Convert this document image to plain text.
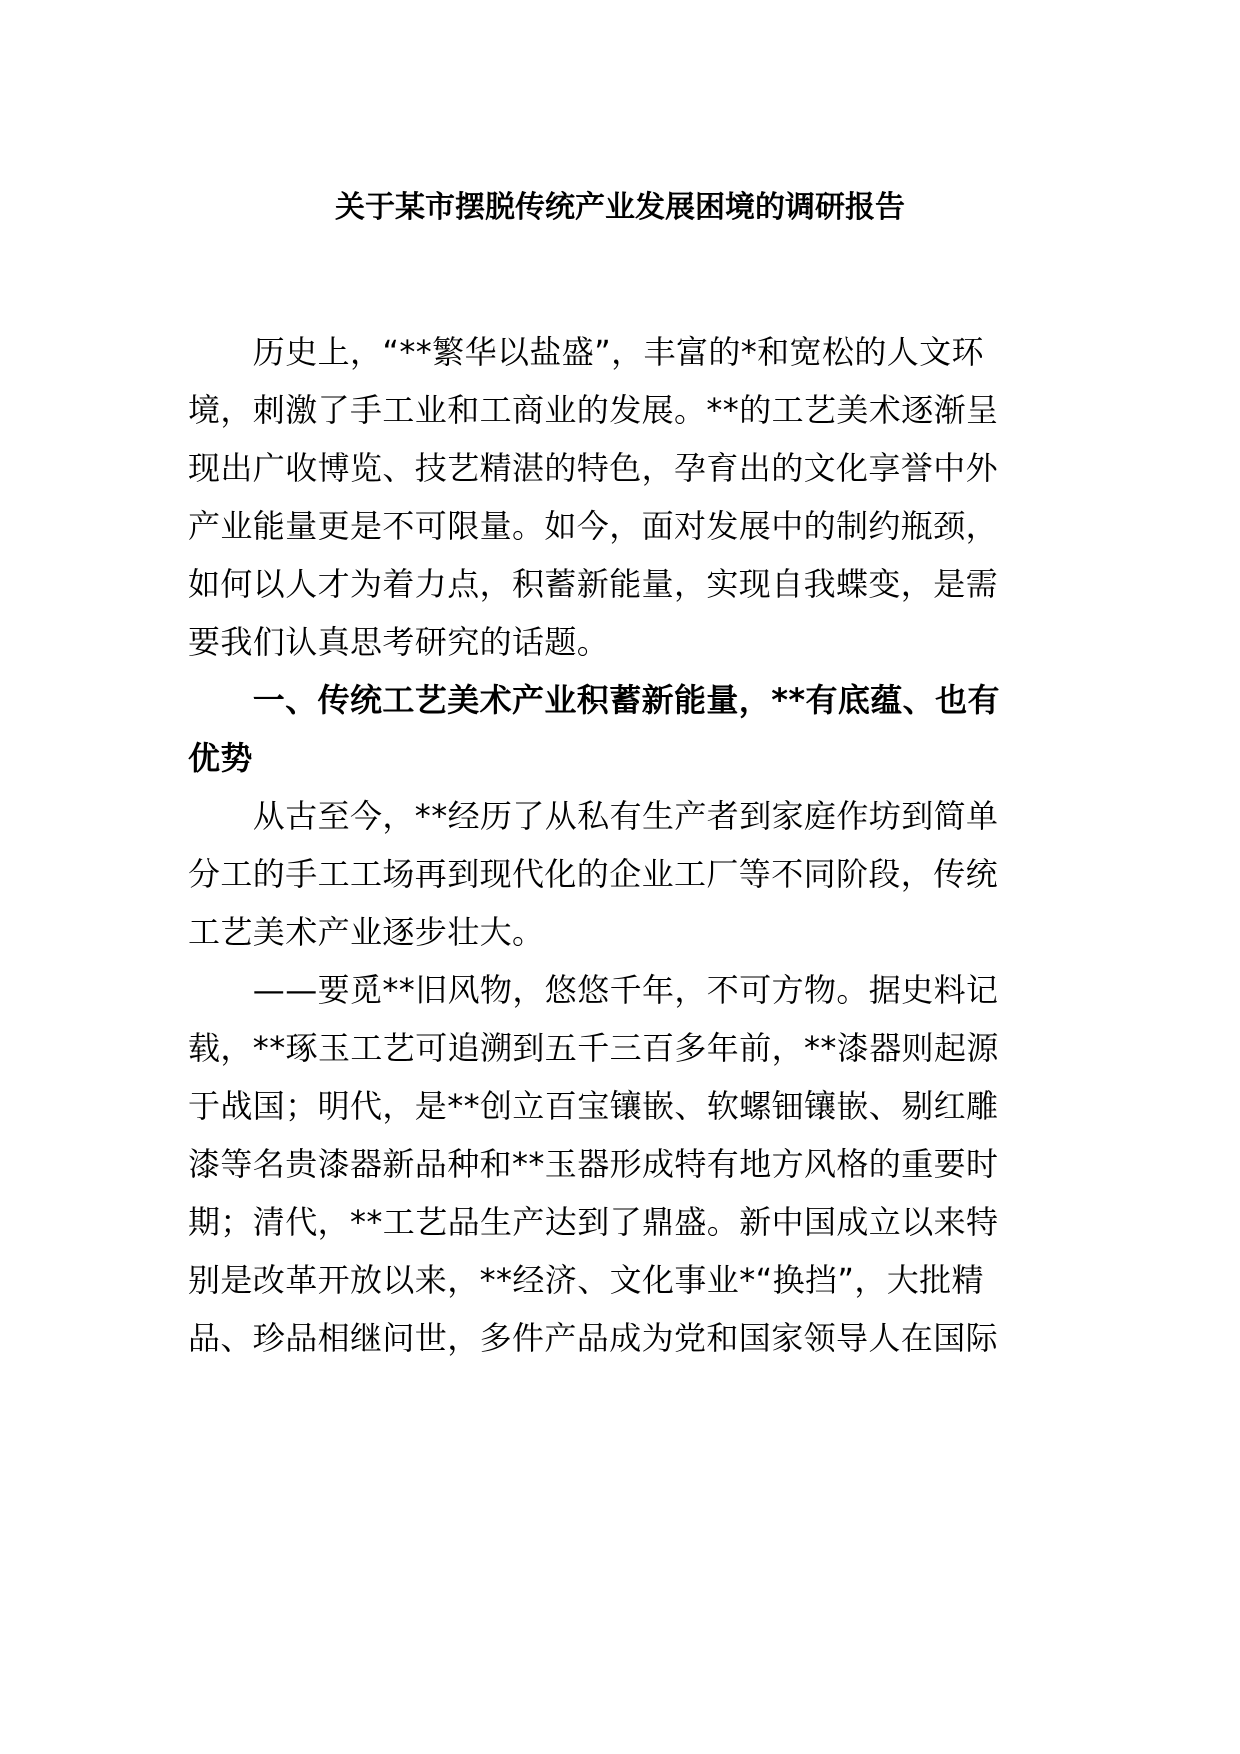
关于某市摆脱传统产业发展困境的调研报告
　　历史上，“**繁华以盐盛”，丰富的*和宽松的人文环
境，刺激了手工业和工商业的发展。**的工艺美术逐渐呈
现出广收博览、技艺精湛的特色，孕育出的文化享誉中外
产业能量更是不可限量。如今，面对发展中的制约瓶颈，
如何以人才为着力点，积蓄新能量，实现自我蝶变，是需
要我们认真思考研究的话题。
　　一、传统工艺美术产业积蓄新能量，**有底蕴、也有
优势
　　从古至今，**经历了从私有生产者到家庭作坊到简单
分工的手工工场再到现代化的企业工厂等不同阶段，传统
工艺美术产业逐步壮大。
　　——要觅**旧风物，悠悠千年，不可方物。据史料记
载，**琢玉工艺可追溯到五千三百多年前，**漆器则起源
于战国；明代，是**创立百宝镶嵌、软螺钿镶嵌、剔红雕
漆等名贵漆器新品种和**玉器形成特有地方风格的重要时
期；清代，**工艺品生产达到了鼎盛。新中国成立以来特
别是改革开放以来，**经济、文化事业*“换挡”，大批精
品、珍品相继问世，多件产品成为党和国家领导人在国际
